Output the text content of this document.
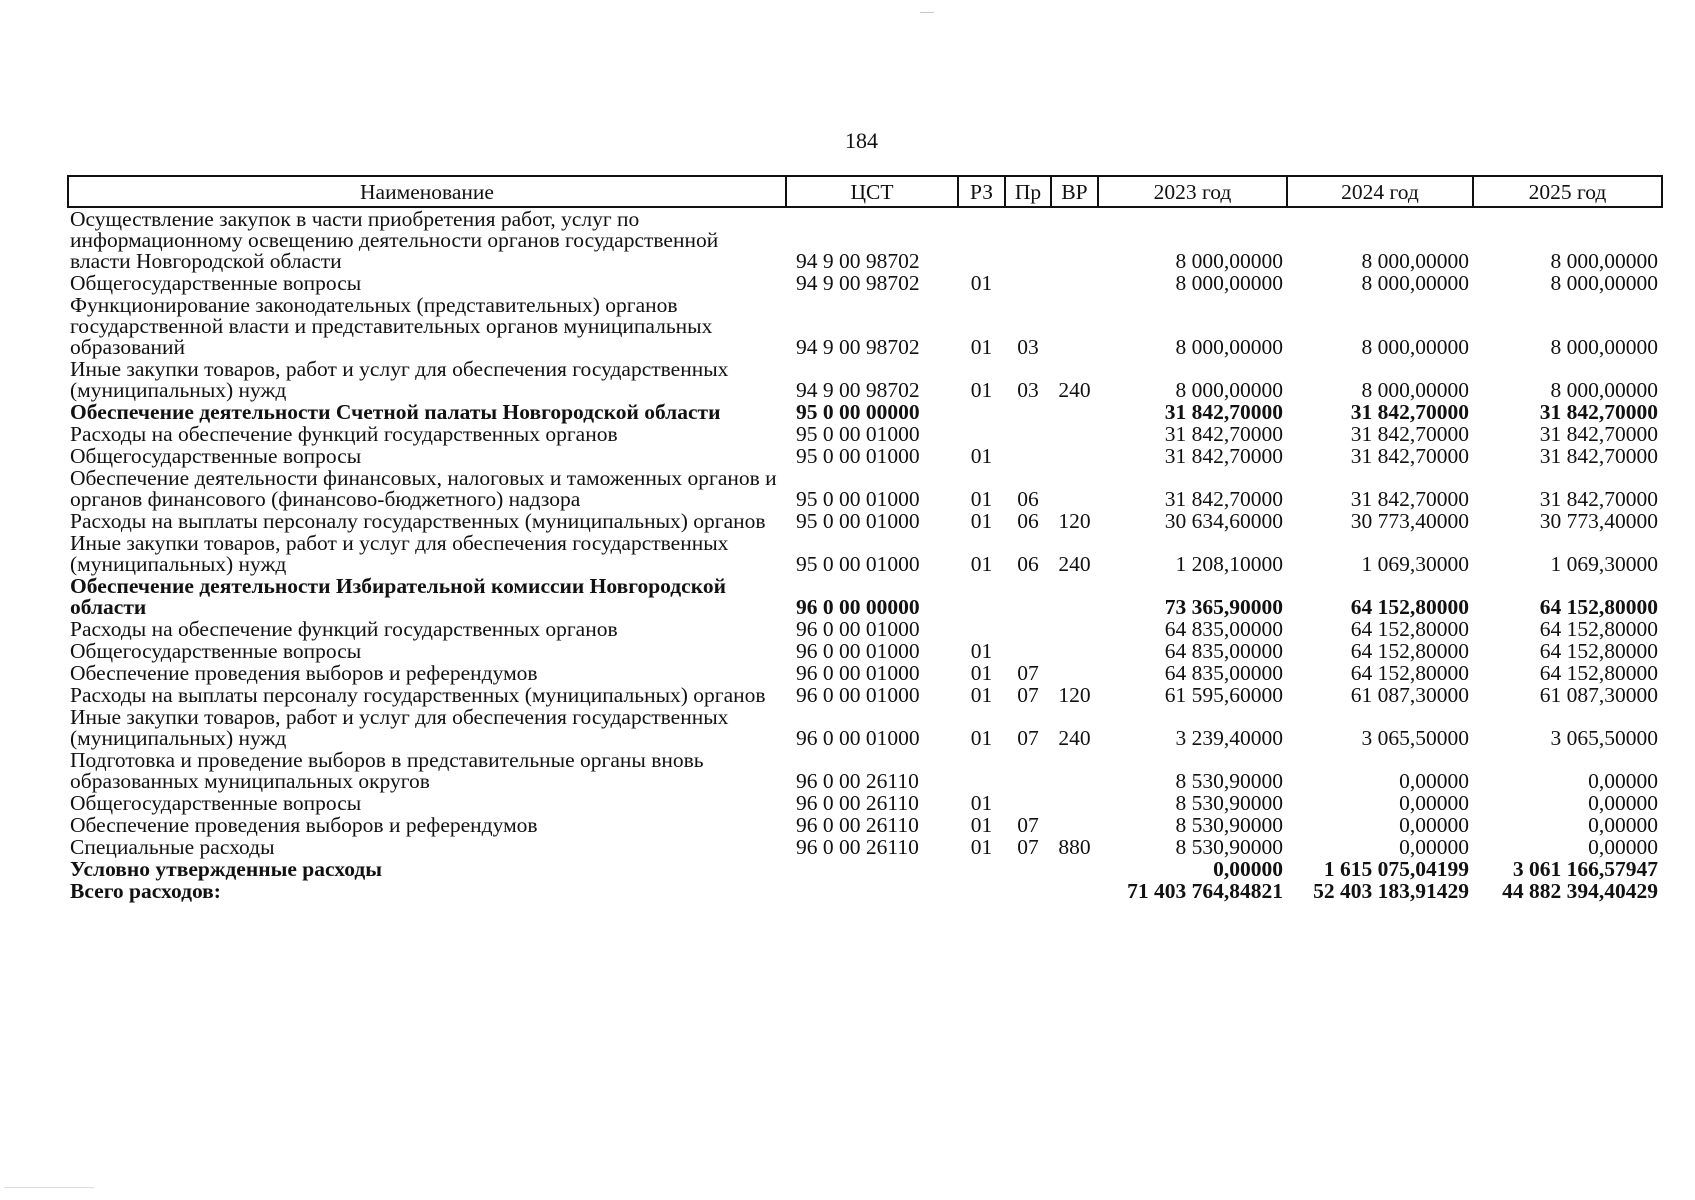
184
Наименование	ЦСТ	РЗ	Пр	ВР	2023 год	2024 год	2025 год
Осуществление закупок в части приобретения работ, услуг по информационному освещению деятельности органов государственной власти Новгородской области	94 9 00 98702				8 000,00000	8 000,00000	8 000,00000
Общегосударственные вопросы	94 9 00 98702	01			8 000,00000	8 000,00000	8 000,00000
Функционирование законодательных (представительных) органов государственной власти и представительных органов муниципальных образований	94 9 00 98702	01	03		8 000,00000	8 000,00000	8 000,00000
Иные закупки товаров, работ и услуг для обеспечения государственных (муниципальных) нужд	94 9 00 98702	01	03	240	8 000,00000	8 000,00000	8 000,00000
Обеспечение деятельности Счетной палаты Новгородской области	95 0 00 00000				31 842,70000	31 842,70000	31 842,70000
Расходы на обеспечение функций государственных органов	95 0 00 01000				31 842,70000	31 842,70000	31 842,70000
Общегосударственные вопросы	95 0 00 01000	01			31 842,70000	31 842,70000	31 842,70000
Обеспечение деятельности финансовых, налоговых и таможенных органов и органов финансового (финансово-бюджетного) надзора	95 0 00 01000	01	06		31 842,70000	31 842,70000	31 842,70000
Расходы на выплаты персоналу государственных (муниципальных) органов	95 0 00 01000	01	06	120	30 634,60000	30 773,40000	30 773,40000
Иные закупки товаров, работ и услуг для обеспечения государственных (муниципальных) нужд	95 0 00 01000	01	06	240	1 208,10000	1 069,30000	1 069,30000
Обеспечение деятельности Избирательной комиссии Новгородской области	96 0 00 00000				73 365,90000	64 152,80000	64 152,80000
Расходы на обеспечение функций государственных органов	96 0 00 01000				64 835,00000	64 152,80000	64 152,80000
Общегосударственные вопросы	96 0 00 01000	01			64 835,00000	64 152,80000	64 152,80000
Обеспечение проведения выборов и референдумов	96 0 00 01000	01	07		64 835,00000	64 152,80000	64 152,80000
Расходы на выплаты персоналу государственных (муниципальных) органов	96 0 00 01000	01	07	120	61 595,60000	61 087,30000	61 087,30000
Иные закупки товаров, работ и услуг для обеспечения государственных (муниципальных) нужд	96 0 00 01000	01	07	240	3 239,40000	3 065,50000	3 065,50000
Подготовка и проведение выборов в представительные органы вновь образованных муниципальных округов	96 0 00 26110				8 530,90000	0,00000	0,00000
Общегосударственные вопросы	96 0 00 26110	01			8 530,90000	0,00000	0,00000
Обеспечение проведения выборов и референдумов	96 0 00 26110	01	07		8 530,90000	0,00000	0,00000
Специальные расходы	96 0 00 26110	01	07	880	8 530,90000	0,00000	0,00000
Условно утвержденные расходы					0,00000	1 615 075,04199	3 061 166,57947
Всего расходов:					71 403 764,84821	52 403 183,91429	44 882 394,40429
